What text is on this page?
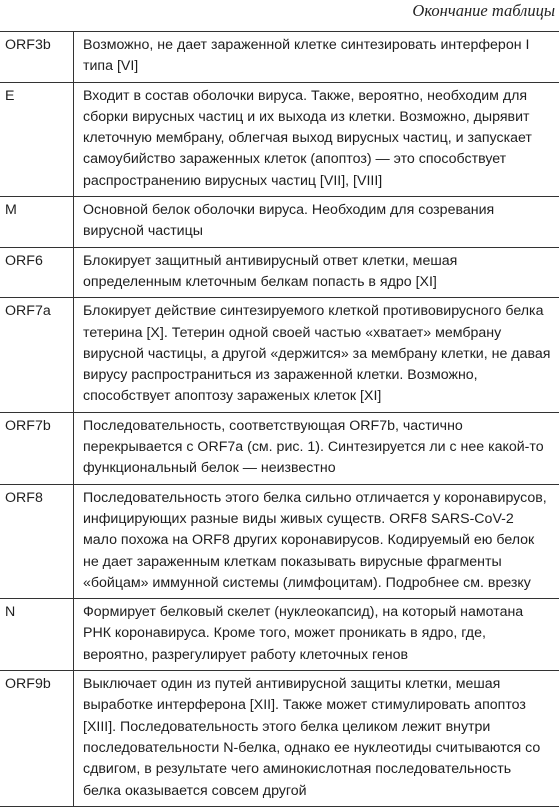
Окончание таблицы
ORF3b	Возможно, не дает зараженной клетке синтезировать интерферон I типа [VI]
E	Входит в состав оболочки вируса. Также, вероятно, необходим для сборки вирусных частиц и их выхода из клетки. Возможно, дырявит клеточную мембрану, облегчая выход вирусных частиц, и запускает самоубийство зараженных клеток (апоптоз) — это способствует распространению вирусных частиц [VII], [VIII]
M	Основной белок оболочки вируса. Необходим для созревания вирусной частицы
ORF6	Блокирует защитный антивирусный ответ клетки, мешая определенным клеточным белкам попасть в ядро [XI]
ORF7a	Блокирует действие синтезируемого клеткой противовирусного белка тетерина [X]. Тетерин одной своей частью «хватает» мембрану вирусной частицы, а другой «держится» за мембрану клетки, не давая вирусу распространиться из зараженной клетки. Возможно, способствует апоптозу зараженых клеток [XI]
ORF7b	Последовательность, соответствующая ORF7b, частично перекрывается с ORF7a (см. рис. 1). Синтезируется ли с нее какой-то функциональный белок — неизвестно
ORF8	Последовательность этого белка сильно отличается у коронавирусов, инфицирующих разные виды живых существ. ORF8 SARS-CoV-2 мало похожа на ORF8 других коронавирусов. Кодируемый ею белок не дает зараженным клеткам показывать вирусные фрагменты «бойцам» иммунной системы (лимфоцитам). Подробнее см. врезку
N	Формирует белковый скелет (нуклеокапсид), на который намотана РНК коронавируса. Кроме того, может проникать в ядро, где, вероятно, разрегулирует работу клеточных генов
ORF9b	Выключает один из путей антивирусной защиты клетки, мешая выработке интерферона [XII]. Также может стимулировать апоптоз [XIII]. Последовательность этого белка целиком лежит внутри последовательности N-белка, однако ее нуклеотиды считываются со сдвигом, в результате чего аминокислотная последовательность белка оказывается совсем другой
